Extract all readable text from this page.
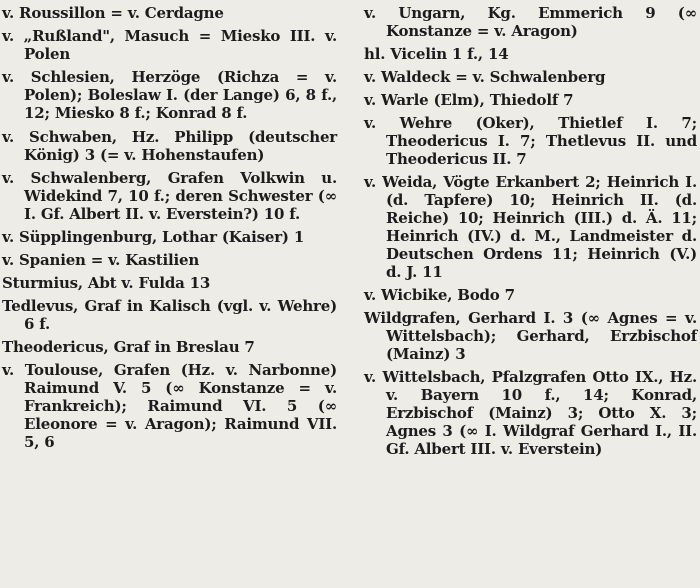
v. Roussillon = v. Cerdagne
v. „Rußland", Masuch = Miesko III. v. Polen
v. Schlesien, Herzöge (Richza = v. Polen); Boleslaw I. (der Lange) 6, 8 f., 12; Miesko 8 f.; Konrad 8 f.
v. Schwaben, Hz. Philipp (deutscher König) 3 (= v. Hohenstaufen)
v. Schwalenberg, Grafen Volkwin u. Widekind 7, 10 f.; deren Schwester (∞ I. Gf. Albert II. v. Everstein?) 10 f.
v. Süpplingenburg, Lothar (Kaiser) 1
v. Spanien = v. Kastilien
Sturmius, Abt v. Fulda 13
Tedlevus, Graf in Kalisch (vgl. v. Wehre) 6 f.
Theodericus, Graf in Breslau 7
v. Toulouse, Grafen (Hz. v. Narbonne) Raimund V. 5 (∞ Konstanze = v. Frankreich); Raimund VI. 5 (∞ Eleonore = v. Aragon); Raimund VII. 5, 6
v. Ungarn, Kg. Emmerich 9 (∞ Konstanze = v. Aragon)
hl. Vicelin 1 f., 14
v. Waldeck = v. Schwalenberg
v. Warle (Elm), Thiedolf 7
v. Wehre (Oker), Thietlef I. 7; Theodericus I. 7; Thetlevus II. und Theodericus II. 7
v. Weida, Vögte Erkanbert 2; Heinrich I. (d. Tapfere) 10; Heinrich II. (d. Reiche) 10; Heinrich (III.) d. Ä. 11; Heinrich (IV.) d. M., Landmeister d. Deutschen Ordens 11; Heinrich (V.) d. J. 11
v. Wicbike, Bodo 7
Wildgrafen, Gerhard I. 3 (∞ Agnes = v. Wittelsbach); Gerhard, Erzbischof (Mainz) 3
v. Wittelsbach, Pfalzgrafen Otto IX., Hz. v. Bayern 10 f., 14; Konrad, Erzbischof (Mainz) 3; Otto X. 3; Agnes 3 (∞ I. Wildgraf Gerhard I., II. Gf. Albert III. v. Everstein)
